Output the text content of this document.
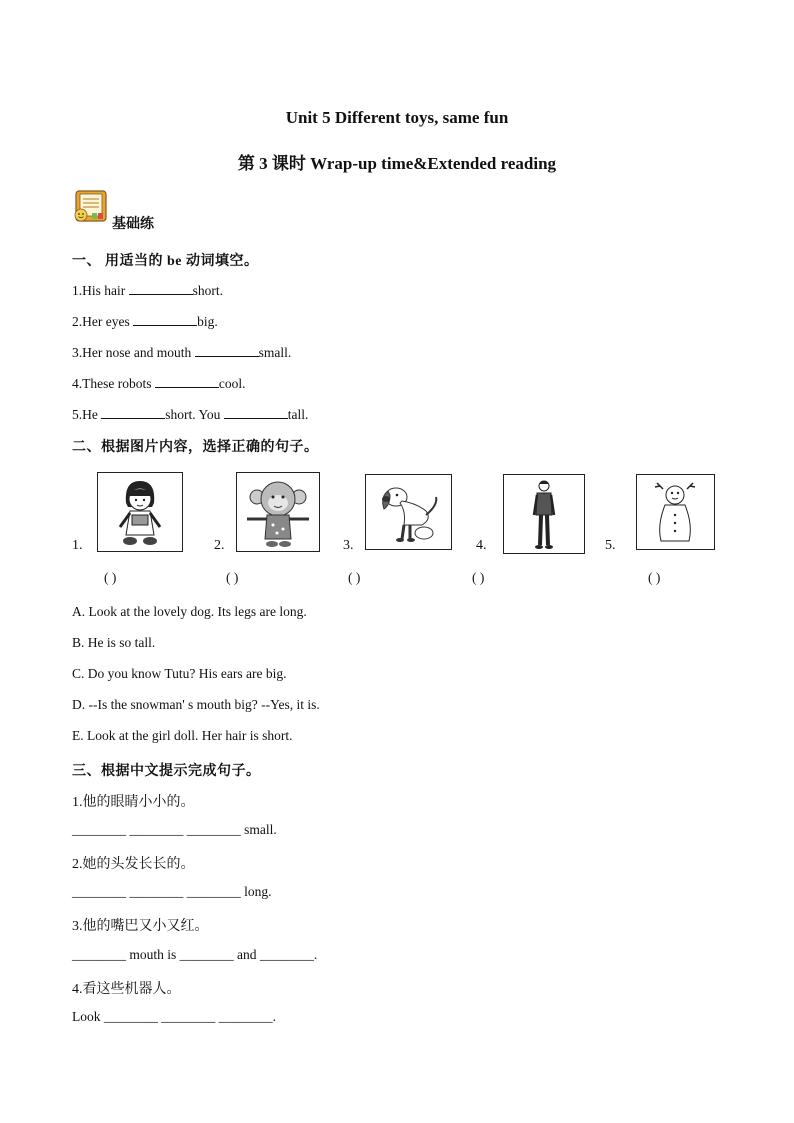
Unit 5 Different toys, same fun
第 3 课时 Wrap-up time&Extended reading
基础练
一、 用适当的 be 动词填空。
1.His hair	short.
2.Her eyes	big.
3.Her nose and mouth	small.
4.These robots	cool.
5.He	short. You	tall.
二、根据图片内容，选择正确的句子。
1.
( )
2.
( )
3.
( )
4.
( )
5.
( )
A. Look at the lovely dog. Its legs are long.
B. He is so tall.
C. Do you know Tutu? His ears are big.
D. --Is the snowman' s mouth big? --Yes, it is.
E. Look at the girl doll. Her hair is short.
三、根据中文提示完成句子。
1.他的眼睛小小的。
________ ________ ________ small.
2.她的头发长长的。
________ ________ ________ long.
3.他的嘴巴又小又红。
________ mouth is ________ and ________.
4.看这些机器人。
Look ________ ________ ________.
